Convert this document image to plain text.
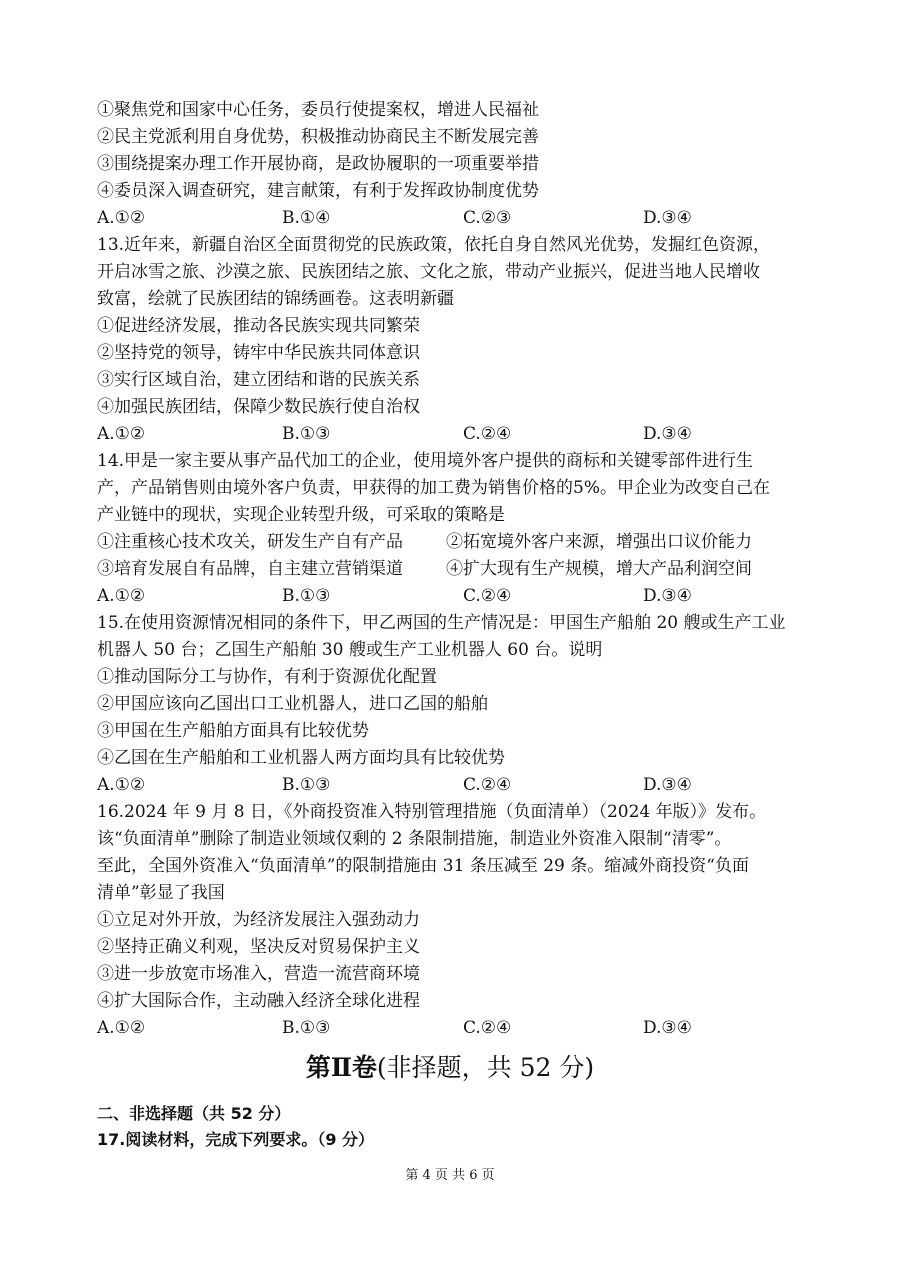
①聚焦党和国家中心任务，委员行使提案权，增进人民福祉
②民主党派利用自身优势，积极推动协商民主不断发展完善
③围绕提案办理工作开展协商，是政协履职的一项重要举措
④委员深入调查研究，建言献策，有利于发挥政协制度优势
A.①②	B.①④	C.②③	D.③④
13.近年来，新疆自治区全面贯彻党的民族政策，依托自身自然风光优势，发掘红色资源，
开启冰雪之旅、沙漠之旅、民族团结之旅、文化之旅，带动产业振兴，促进当地人民增收
致富，绘就了民族团结的锦绣画卷。这表明新疆
①促进经济发展，推动各民族实现共同繁荣
②坚持党的领导，铸牢中华民族共同体意识
③实行区域自治，建立团结和谐的民族关系
④加强民族团结，保障少数民族行使自治权
A.①②	B.①③	C.②④	D.③④
14.甲是一家主要从事产品代加工的企业，使用境外客户提供的商标和关键零部件进行生
产，产品销售则由境外客户负责，甲获得的加工费为销售价格的5%。甲企业为改变自己在
产业链中的现状，实现企业转型升级，可采取的策略是
①注重核心技术攻关，研发生产自有产品	②拓宽境外客户来源，增强出口议价能力
③培育发展自有品牌，自主建立营销渠道	④扩大现有生产规模，增大产品利润空间
A.①②	B.①③	C.②④	D.③④
15.在使用资源情况相同的条件下，甲乙两国的生产情况是：甲国生产船舶 20 艘或生产工业
机器人 50 台；乙国生产船舶 30 艘或生产工业机器人 60 台。说明
①推动国际分工与协作，有利于资源优化配置
②甲国应该向乙国出口工业机器人，进口乙国的船舶
③甲国在生产船舶方面具有比较优势
④乙国在生产船舶和工业机器人两方面均具有比较优势
A.①②	B.①③	C.②④	D.③④
16.2024 年 9 月 8 日，《外商投资准入特别管理措施（负面清单）（2024 年版）》发布。
该“负面清单”删除了制造业领域仅剩的 2 条限制措施，制造业外资准入限制“清零”。
至此，全国外资准入“负面清单”的限制措施由 31 条压减至 29 条。缩减外商投资“负面
清单”彰显了我国
①立足对外开放，为经济发展注入强劲动力
②坚持正确义利观，坚决反对贸易保护主义
③进一步放宽市场准入，营造一流营商环境
④扩大国际合作，主动融入经济全球化进程
A.①②	B.①③	C.②④	D.③④
第Ⅱ卷(非择题，共 52 分)
二、非选择题（共 52 分）
17.阅读材料，完成下列要求。（9 分）
第 4 页 共 6 页
